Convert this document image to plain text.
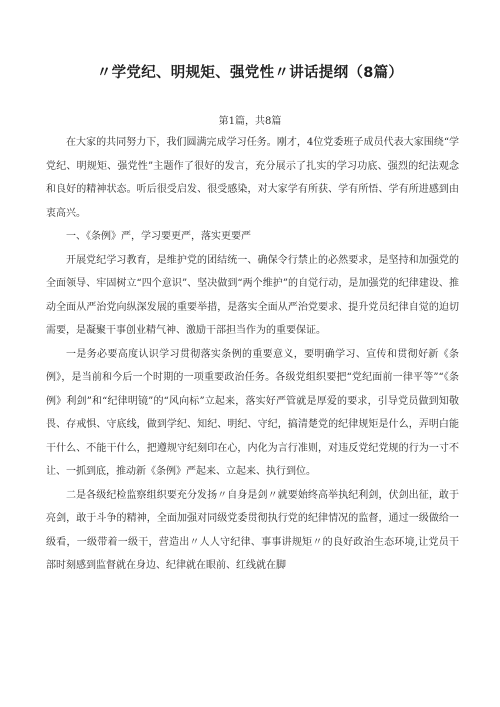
〃学党纪、明规矩、强党性〃讲话提纲（8篇）
第1篇，共8篇

在大家的共同努力下，我们圆满完成学习任务。刚才，4位党委班子成员代表大家围绕“学党纪、明规矩、强党性”主题作了很好的发言，充分展示了扎实的学习功底、强烈的纪法观念和良好的精神状态。听后很受启发、很受感染，对大家学有所获、学有所悟、学有所进感到由衷高兴。

一、《条例》严，学习要更严，落实更要严

开展党纪学习教育，是维护党的团结统一、确保令行禁止的必然要求，是坚持和加强党的全面领导、牢固树立“四个意识”、坚决做到“两个维护”的自觉行动，是加强党的纪律建设、推动全面从严治党向纵深发展的重要举措，是落实全面从严治党要求、提升党员纪律自觉的迫切需要，是凝聚干事创业精气神、激励干部担当作为的重要保证。

一是务必要高度认识学习贯彻落实条例的重要意义，要明确学习、宣传和贯彻好新《条例》，是当前和今后一个时期的一项重要政治任务。各级党组织要把“党纪面前一律平等”“《条例》利剑”和“纪律明镜”的“风向标”立起来，落实好严管就是厚爱的要求，引导党员做到知敬畏、存戒惧、守底线，做到学纪、知纪、明纪、守纪，搞清楚党的纪律规矩是什么，弄明白能干什么、不能干什么，把遵规守纪刻印在心，内化为言行准则，对违反党纪党规的行为一寸不让、一抓到底，推动新《条例》严起来、立起来、执行到位。

二是各级纪检监察组织要充分发扬〃自身是剑〃就要始终高举执纪利剑，伏剑出征，敢于亮剑，敢于斗争的精神，全面加强对同级党委贯彻执行党的纪律情况的监督，通过一级做给一级看，一级带着一级干，营造出〃人人守纪律、事事讲规矩〃的良好政治生态环境,让党员干部时刻感到监督就在身边、纪律就在眼前、红线就在脚
